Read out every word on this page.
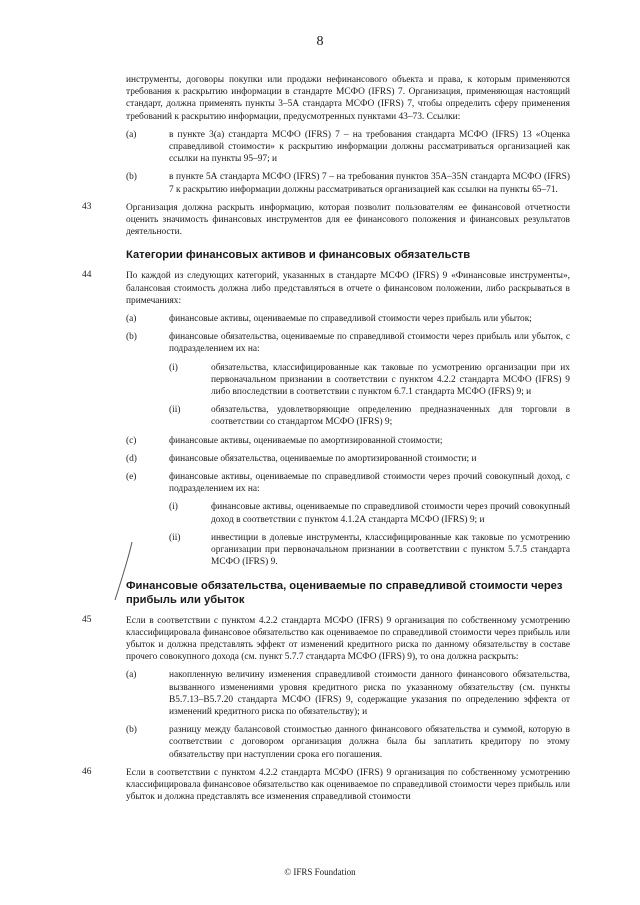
8

инструменты, договоры покупки или продажи нефинансового объекта и права, к которым применяются требования к раскрытию информации в стандарте МСФО (IFRS) 7. Организация, применяющая настоящий стандарт, должна применять пункты 3–5А стандарта МСФО (IFRS) 7, чтобы определить сферу применения требований к раскрытию информации, предусмотренных пунктами 43–73. Ссылки:

(a)	в пункте 3(a) стандарта МСФО (IFRS) 7 – на требования стандарта МСФО (IFRS) 13 «Оценка справедливой стоимости» к раскрытию информации должны рассматриваться организацией как ссылки на пункты 95–97; и
(b)	в пункте 5А стандарта МСФО (IFRS) 7 – на требования пунктов 35А–35N стандарта МСФО (IFRS) 7 к раскрытию информации должны рассматриваться организацией как ссылки на пункты 65–71.
43	Организация должна раскрыть информацию, которая позволит пользователям ее финансовой отчетности оценить значимость финансовых инструментов для ее финансового положения и финансовых результатов деятельности.

Категории финансовых активов и финансовых обязательств
44	По каждой из следующих категорий, указанных в стандарте МСФО (IFRS) 9 «Финансовые инструменты», балансовая стоимость должна либо представляться в отчете о финансовом положении, либо раскрываться в примечаниях:

(a)	финансовые активы, оцениваемые по справедливой стоимости через прибыль или убыток;
(b)	финансовые обязательства, оцениваемые по справедливой стоимости через прибыль или убыток, с подразделением их на:
(i)	обязательства, классифицированные как таковые по усмотрению организации при их первоначальном признании в соответствии с пунктом 4.2.2 стандарта МСФО (IFRS) 9 либо впоследствии в соответствии с пунктом 6.7.1 стандарта МСФО (IFRS) 9; и
(ii)	обязательства, удовлетворяющие определению предназначенных для торговли в соответствии со стандартом МСФО (IFRS) 9;
(c)	финансовые активы, оцениваемые по амортизированной стоимости;
(d)	финансовые обязательства, оцениваемые по амортизированной стоимости; и
(e)	финансовые активы, оцениваемые по справедливой стоимости через прочий совокупный доход, с подразделением их на:
(i)	финансовые активы, оцениваемые по справедливой стоимости через прочий совокупный доход в соответствии с пунктом 4.1.2А стандарта МСФО (IFRS) 9; и
(ii)	инвестиции в долевые инструменты, классифицированные как таковые по усмотрению организации при первоначальном признании в соответствии с пунктом 5.7.5 стандарта МСФО (IFRS) 9.
Финансовые обязательства, оцениваемые по справедливой стоимости через прибыль или убыток
45	Если в соответствии с пунктом 4.2.2 стандарта МСФО (IFRS) 9 организация по собственному усмотрению классифицировала финансовое обязательство как оцениваемое по справедливой стоимости через прибыль или убыток и должна представлять эффект от изменений кредитного риска по данному обязательству в составе прочего совокупного дохода (см. пункт 5.7.7 стандарта МСФО (IFRS) 9), то она должна раскрыть:

(a)	накопленную величину изменения справедливой стоимости данного финансового обязательства, вызванного изменениями уровня кредитного риска по указанному обязательству (см. пункты B5.7.13–B5.7.20 стандарта МСФО (IFRS) 9, содержащие указания по определению эффекта от изменений кредитного риска по обязательству); и
(b)	разницу между балансовой стоимостью данного финансового обязательства и суммой, которую в соответствии с договором организация должна была бы заплатить кредитору по этому обязательству при наступлении срока его погашения.
46	Если в соответствии с пунктом 4.2.2 стандарта МСФО (IFRS) 9 организация по собственному усмотрению классифицировала финансовое обязательство как оцениваемое по справедливой стоимости через прибыль или убыток и должна представлять все изменения справедливой стоимости

© IFRS Foundation
